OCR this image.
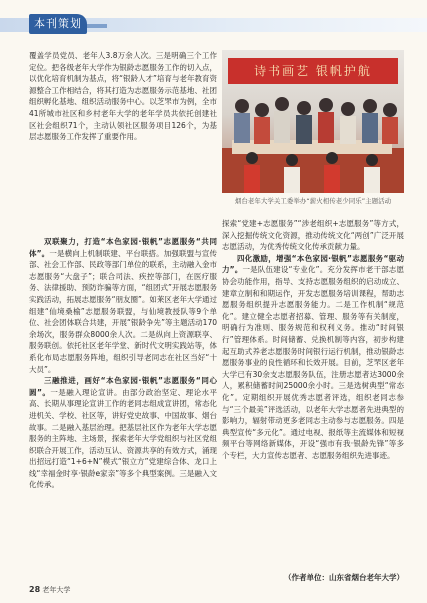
本刊策划

覆盖学员党员、老年人3.8万余人次。三是明确三个工作定位。把各级老年大学作为银龄志愿服务工作的切入点，以优化培育机制为基点，将“银龄人才”培育与老年教育资源整合工作相结合，将其打造为志愿服务示范基地、社团组织孵化基地、组织活动服务中心。以芝罘市为例，全市41所城市社区和乡村老年大学的老年学员共依托创建社区社会组织71个，主动认领社区服务项目126个，为基层志愿服务工作发挥了重要作用。

双联聚力，打造“本色家园·银帆”志愿服务“共同体”。一是横向上机制联建、平台联搭。加强联盟与宣传部、社会工作部、民政等部门单位的联系，主动融入金市志愿服务“大盘子”；联合司法、疾控等部门，在医疗服务、法律援助、预防诈骗等方面，“组团式”开展志愿服务实践活动，拓展志愿服务“朋友圈”。如莱区老年大学通过组建“仙境桑榆”志愿服务联盟，与仙境教授队等9个单位、社会团体联合共建，开展“银龄争先”等主题活动170余场次，服务群众8000余人次。二是纵向上资源联享、服务联创。依托社区老年学堂、新时代文明实践站等，体系化布局志愿服务阵地，组织引导老同志在社区当好“十大员”。

三融推进，画好“本色家园·银帆”志愿服务“同心圆”。一是融入理论宣讲。由部分政治坚定、理论水平高、长期从事理论宣讲工作的老同志组成宣讲团，常态化进机关、学校、社区等，讲好党史故事、中国故事、烟台故事。二是融入基层治理。把基层社区作为老年大学志愿服务的主阵地、主场景，探索老年大学党组织与社区党组织联合开展工作，活动互认、资源共享的有效方式，涌现出招远打造“1+6+N”模式“银立方”党建综合体、龙口上线“幸福金时享·银龄e家亲”等多个典型案例。三是融入文化传承。

诗书画艺 银帆护航
烟台老年大学关工委举办“薪火相传老少同乐”主题活动

探索“党建+志愿服务”“涉老组织+志愿服务”等方式，深入挖掘传统文化资源，推动传统文化“两创”广泛开展志愿活动，为优秀传统文化传承贡献力量。

四化激励，增强“本色家园·银帆”志愿服务“驱动力”。一是队伍建设“专业化”。充分发挥市老干部志愿协会功能作用，指导、支持志愿服务组织的启动成立、建章立制和和期运作，开发志愿服务培训课程，帮助志愿服务组织提升志愿服务能力。二是工作机制“规范化”。建立健全志愿者招募、管理、服务等有关制度，明确行为准则、服务规范和权利义务。推动“时间银行”管理体系。时间储蓄、兑换机制等内容，初步构建起互助式养老志愿服务时间银行运行机制，推动银龄志愿服务事业的良性循环和长效开展。目前，芝罘区老年大学已有30余支志愿服务队伍，注册志愿者达3000余人，累积储蓄时间25000余小时。三是选树典型“常态化”。定期组织开展优秀志愿者评选，组织老同志参与“三个最美”评选活动，以老年大学志愿者先进典型的影响力，辐射带动更多老同志主动参与志愿服务。四是典型宣传“多元化”。通过电视、报纸等主流媒体和短视频平台等网络新媒体，开设“强市有我·银龄先锋”等多个专栏，大力宣传志愿者、志愿服务组织先进事迹。

（作者单位：山东省烟台老年大学）
28 老年大学
